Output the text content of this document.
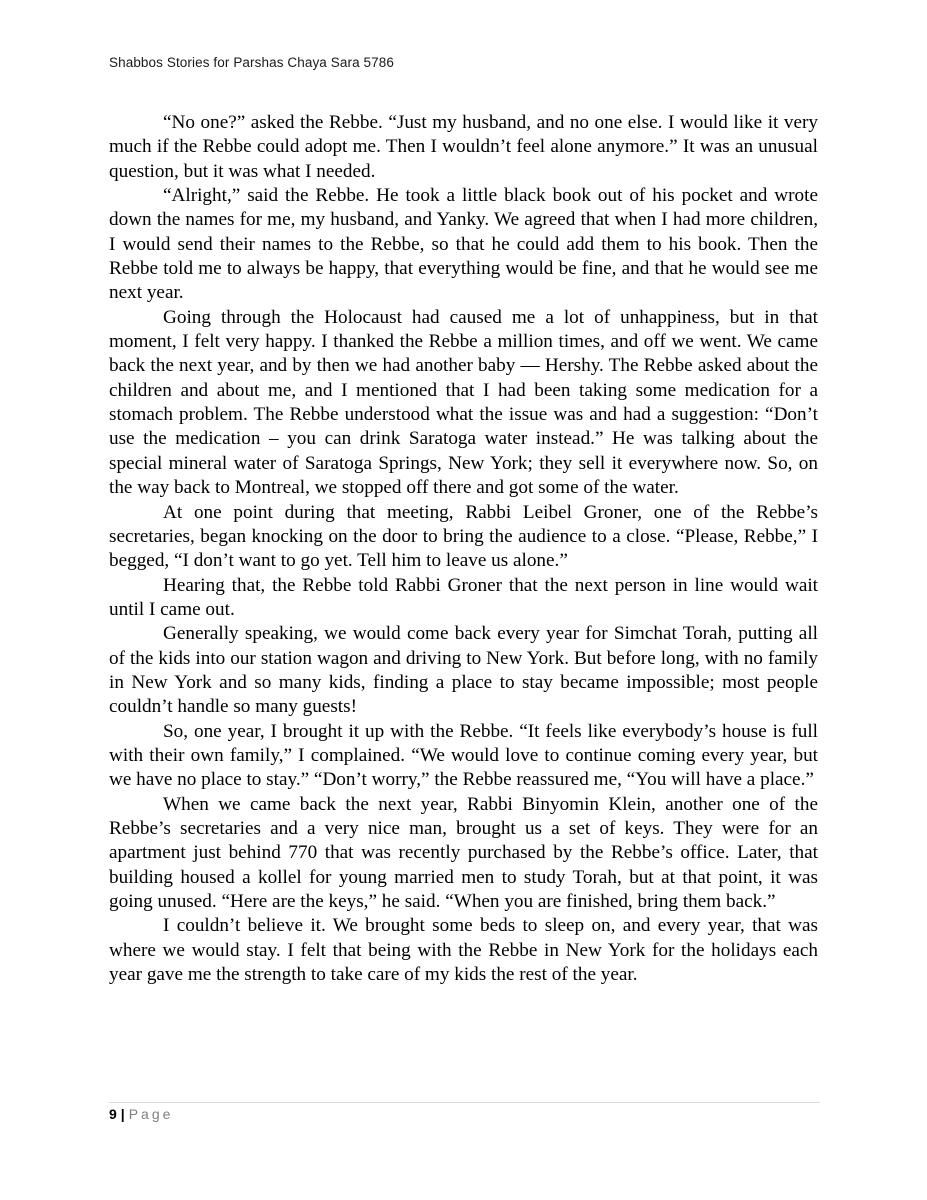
Shabbos Stories for Parshas Chaya Sara 5786

“No one?” asked the Rebbe. “Just my husband, and no one else. I would like it very much if the Rebbe could adopt me. Then I wouldn’t feel alone anymore.” It was an unusual question, but it was what I needed.

“Alright,” said the Rebbe. He took a little black book out of his pocket and wrote down the names for me, my husband, and Yanky. We agreed that when I had more children, I would send their names to the Rebbe, so that he could add them to his book. Then the Rebbe told me to always be happy, that everything would be fine, and that he would see me next year.

Going through the Holocaust had caused me a lot of unhappiness, but in that moment, I felt very happy. I thanked the Rebbe a million times, and off we went. We came back the next year, and by then we had another baby — Hershy. The Rebbe asked about the children and about me, and I mentioned that I had been taking some medication for a stomach problem. The Rebbe understood what the issue was and had a suggestion: “Don’t use the medication – you can drink Saratoga water instead.” He was talking about the special mineral water of Saratoga Springs, New York; they sell it everywhere now. So, on the way back to Montreal, we stopped off there and got some of the water.

At one point during that meeting, Rabbi Leibel Groner, one of the Rebbe’s secretaries, began knocking on the door to bring the audience to a close. “Please, Rebbe,” I begged, “I don’t want to go yet. Tell him to leave us alone.”

Hearing that, the Rebbe told Rabbi Groner that the next person in line would wait until I came out.

Generally speaking, we would come back every year for Simchat Torah, putting all of the kids into our station wagon and driving to New York. But before long, with no family in New York and so many kids, finding a place to stay became impossible; most people couldn’t handle so many guests!

So, one year, I brought it up with the Rebbe. “It feels like everybody’s house is full with their own family,” I complained. “We would love to continue coming every year, but we have no place to stay.” “Don’t worry,” the Rebbe reassured me, “You will have a place.”

When we came back the next year, Rabbi Binyomin Klein, another one of the Rebbe’s secretaries and a very nice man, brought us a set of keys. They were for an apartment just behind 770 that was recently purchased by the Rebbe’s office. Later, that building housed a kollel for young married men to study Torah, but at that point, it was going unused. “Here are the keys,” he said. “When you are finished, bring them back.”

I couldn’t believe it. We brought some beds to sleep on, and every year, that was where we would stay. I felt that being with the Rebbe in New York for the holidays each year gave me the strength to take care of my kids the rest of the year.

9 | Page
